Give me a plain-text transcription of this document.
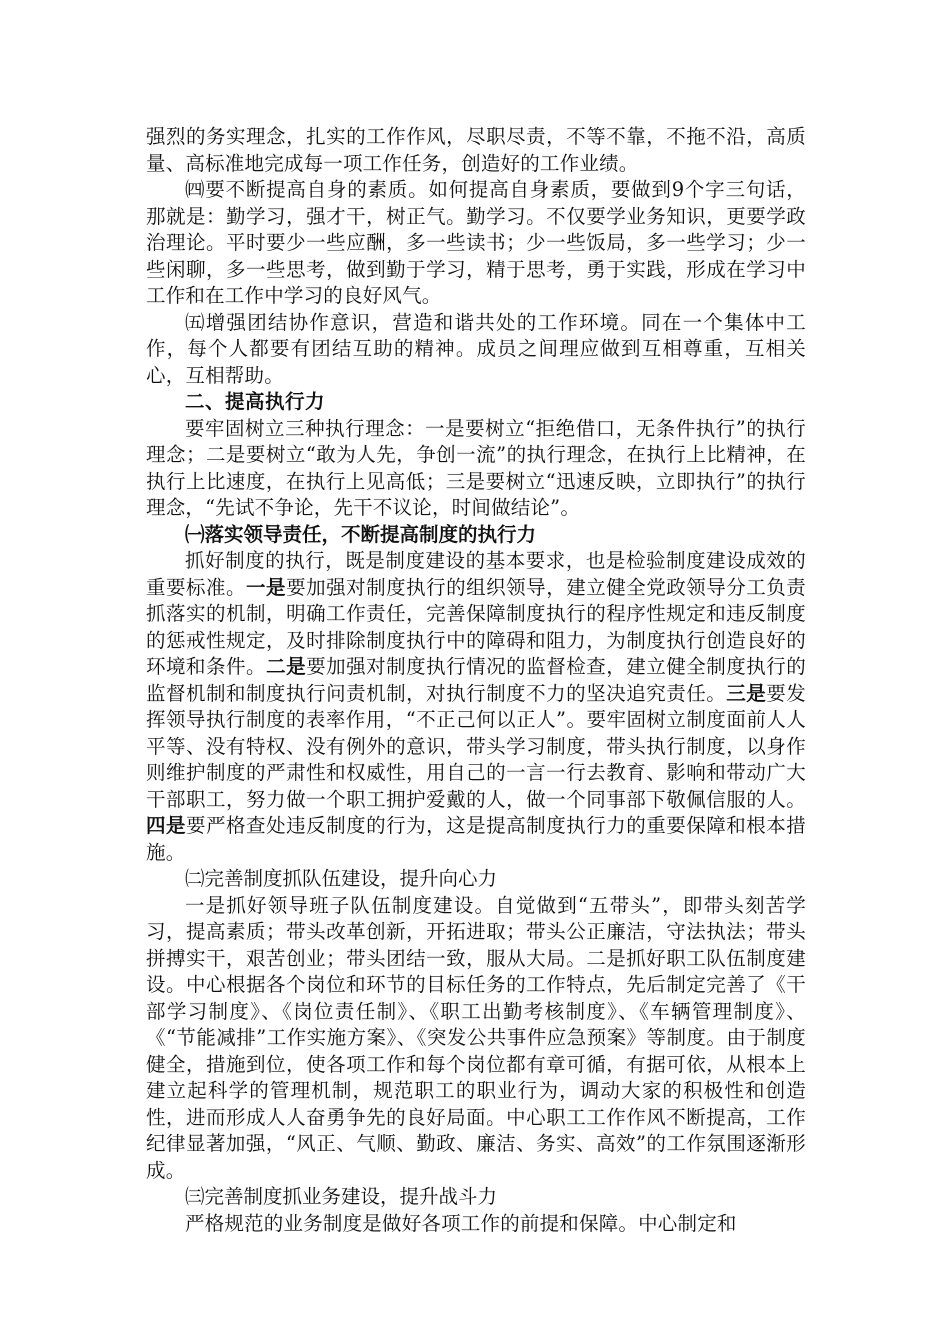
强烈的务实理念，扎实的工作作风，尽职尽责，不等不靠，不拖不沿，高质量、高标准地完成每一项工作任务，创造好的工作业绩。

㈣要不断提高自身的素质。如何提高自身素质，要做到9个字三句话，那就是：勤学习，强才干，树正气。勤学习。不仅要学业务知识，更要学政治理论。平时要少一些应酬，多一些读书；少一些饭局，多一些学习；少一些闲聊，多一些思考，做到勤于学习，精于思考，勇于实践，形成在学习中工作和在工作中学习的良好风气。

㈤增强团结协作意识，营造和谐共处的工作环境。同在一个集体中工作，每个人都要有团结互助的精神。成员之间理应做到互相尊重，互相关心，互相帮助。

二、提高执行力

要牢固树立三种执行理念：一是要树立“拒绝借口，无条件执行”的执行理念；二是要树立“敢为人先，争创一流”的执行理念，在执行上比精神，在执行上比速度，在执行上见高低；三是要树立“迅速反映，立即执行”的执行理念，“先试不争论，先干不议论，时间做结论”。

㈠落实领导责任，不断提高制度的执行力

抓好制度的执行，既是制度建设的基本要求，也是检验制度建设成效的重要标准。一是要加强对制度执行的组织领导，建立健全党政领导分工负责抓落实的机制，明确工作责任，完善保障制度执行的程序性规定和违反制度的惩戒性规定，及时排除制度执行中的障碍和阻力，为制度执行创造良好的环境和条件。二是要加强对制度执行情况的监督检查，建立健全制度执行的监督机制和制度执行问责机制，对执行制度不力的坚决追究责任。三是要发挥领导执行制度的表率作用，“不正己何以正人”。要牢固树立制度面前人人平等、没有特权、没有例外的意识，带头学习制度，带头执行制度，以身作则维护制度的严肃性和权威性，用自己的一言一行去教育、影响和带动广大干部职工，努力做一个职工拥护爱戴的人，做一个同事部下敬佩信服的人。四是要严格查处违反制度的行为，这是提高制度执行力的重要保障和根本措施。

㈡完善制度抓队伍建设，提升向心力

一是抓好领导班子队伍制度建设。自觉做到“五带头”，即带头刻苦学习，提高素质；带头改革创新，开拓进取；带头公正廉洁，守法执法；带头拼搏实干，艰苦创业；带头团结一致，服从大局。二是抓好职工队伍制度建设。中心根据各个岗位和环节的目标任务的工作特点，先后制定完善了《干部学习制度》、《岗位责任制》、《职工出勤考核制度》、《车辆管理制度》、《“节能减排”工作实施方案》、《突发公共事件应急预案》等制度。由于制度健全，措施到位，使各项工作和每个岗位都有章可循，有据可依，从根本上建立起科学的管理机制，规范职工的职业行为，调动大家的积极性和创造性，进而形成人人奋勇争先的良好局面。中心职工工作作风不断提高，工作纪律显著加强，“风正、气顺、勤政、廉洁、务实、高效”的工作氛围逐渐形成。

㈢完善制度抓业务建设，提升战斗力

严格规范的业务制度是做好各项工作的前提和保障。中心制定和
